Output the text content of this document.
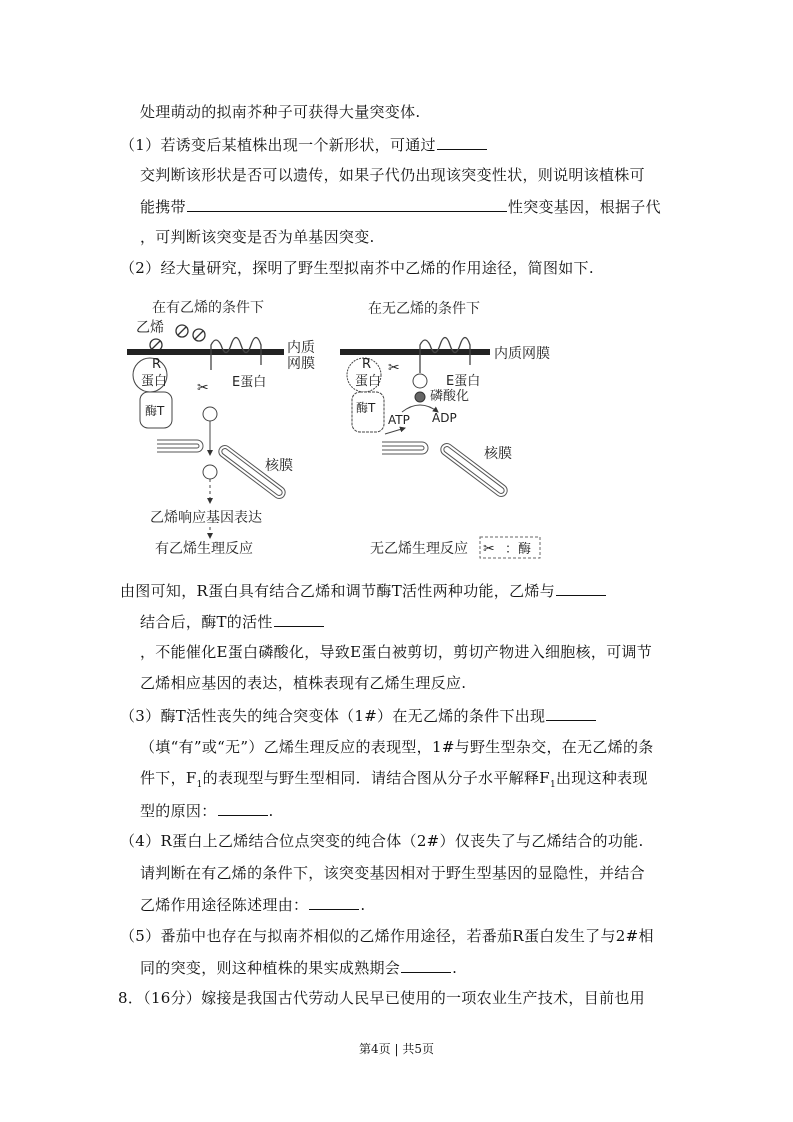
处理萌动的拟南芥种子可获得大量突变体.
（1）若诱变后某植株出现一个新形状，可通过
交判断该形状是否可以遗传，如果子代仍出现该突变性状，则说明该植株可
能携带	性突变基因，根据子代
，可判断该突变是否为单基因突变.
（2）经大量研究，探明了野生型拟南芥中乙烯的作用途径，简图如下.
在有乙烯的条件下
乙烯
内质
网膜
R
蛋白
酶T
✂ E蛋白
核膜
乙烯响应基因表达
有乙烯生理反应
在无乙烯的条件下
内质网膜
R
蛋白
酶T
✂
E蛋白
磷酸化
ATP ADP
核膜
无乙烯生理反应 ✂ ：酶
由图可知，R蛋白具有结合乙烯和调节酶T活性两种功能，乙烯与
结合后，酶T的活性
，不能催化E蛋白磷酸化，导致E蛋白被剪切，剪切产物进入细胞核，可调节
乙烯相应基因的表达，植株表现有乙烯生理反应.
（3）酶T活性丧失的纯合突变体（1#）在无乙烯的条件下出现
（填“有”或“无”）乙烯生理反应的表现型，1#与野生型杂交，在无乙烯的条
件下，$F_1$的表现型与野生型相同．请结合图从分子水平解释$F_1$出现这种表现
型的原因：	.
（4）R蛋白上乙烯结合位点突变的纯合体（2#）仅丧失了与乙烯结合的功能.
请判断在有乙烯的条件下，该突变基因相对于野生型基因的显隐性，并结合
乙烯作用途径陈述理由：	.
（5）番茄中也存在与拟南芥相似的乙烯作用途径，若番茄R蛋白发生了与2#相
同的突变，则这种植株的果实成熟期会	.
8．（16分）嫁接是我国古代劳动人民早已使用的一项农业生产技术，目前也用
第4页 | 共5页
